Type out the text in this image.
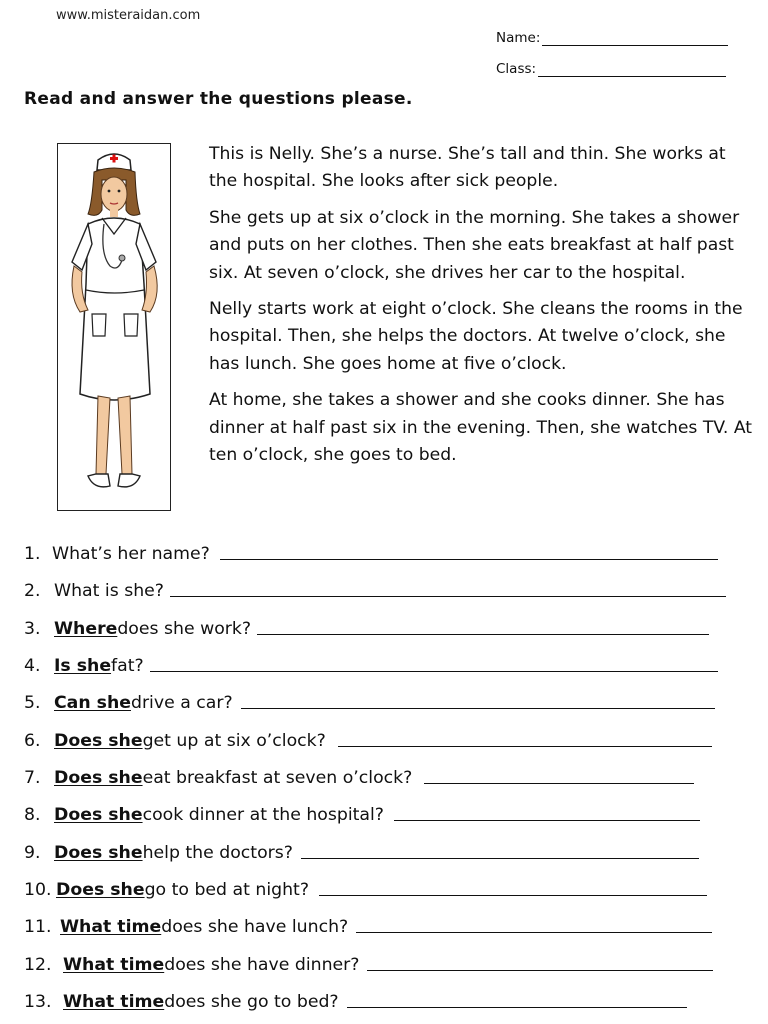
www.misteraidan.com
Name:
Class:
Read and answer the questions please.

This is Nelly. She’s a nurse. She’s tall and thin. She works at the hospital. She looks after sick people.

She gets up at six o’clock in the morning. She takes a shower and puts on her clothes. Then she eats breakfast at half past six. At seven o’clock, she drives her car to the hospital.

Nelly starts work at eight o’clock. She cleans the rooms in the hospital. Then, she helps the doctors. At twelve o’clock, she has lunch. She goes home at five o’clock.

At home, she takes a shower and she cooks dinner. She has dinner at half past six in the evening. Then, she watches TV. At ten o’clock, she goes to bed.

1. What’s her name?
2. What is she?
3. Where does she work?
4. Is she fat?
5. Can she drive a car?
6. Does she get up at six o’clock?
7. Does she eat breakfast at seven o’clock?
8. Does she cook dinner at the hospital?
9. Does she help the doctors?
10. Does she go to bed at night?
11. What time does she have lunch?
12. What time does she have dinner?
13. What time does she go to bed?
